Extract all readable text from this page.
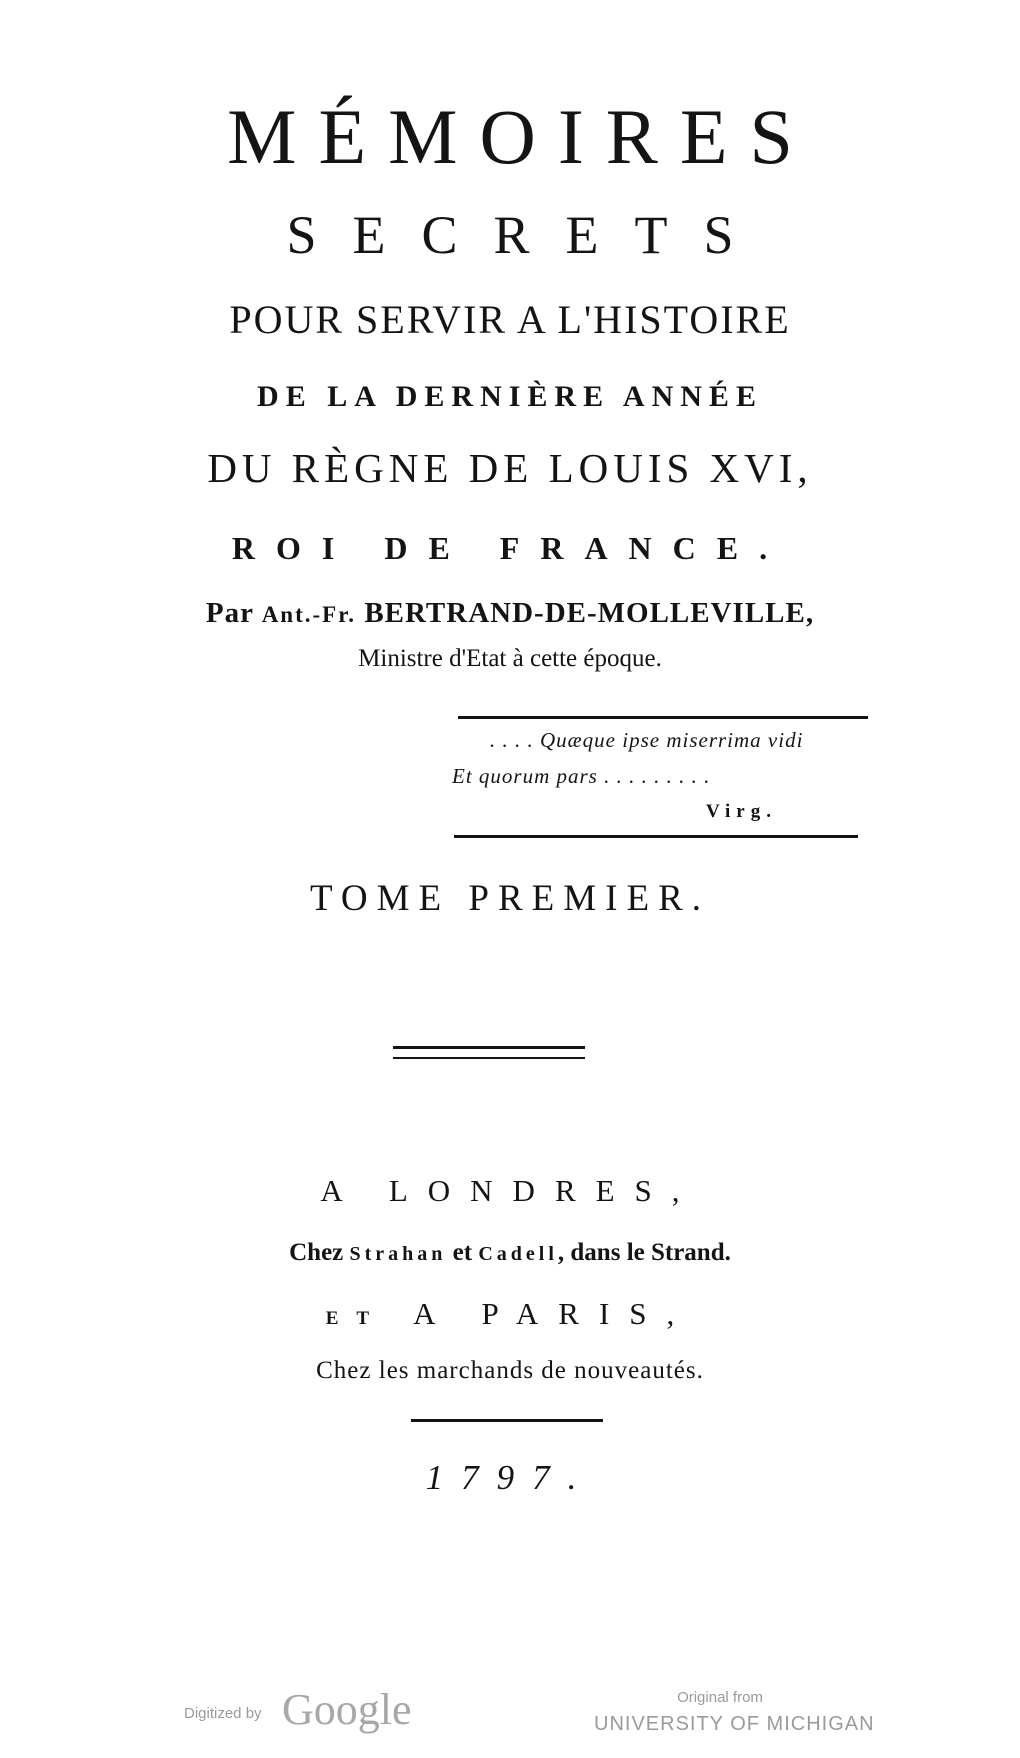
MÉMOIRES
SECRETS
POUR SERVIR A L'HISTOIRE
DE LA DERNIÈRE ANNÉE
DU RÈGNE DE LOUIS XVI,
ROI DE FRANCE.
Par Ant.-Fr. BERTRAND-DE-MOLLEVILLE,
Ministre d'Etat à cette époque.
. . . . Quæque ipse miserrima vidi
Et quorum pars . . . . . . . . .
Virg.
TOME PREMIER.
A LONDRES,
Chez Strahan et Cadell, dans le Strand.
ET A PARIS,
Chez les marchands de nouveautés.
1797.
Digitized by Google	Original from
UNIVERSITY OF MICHIGAN
